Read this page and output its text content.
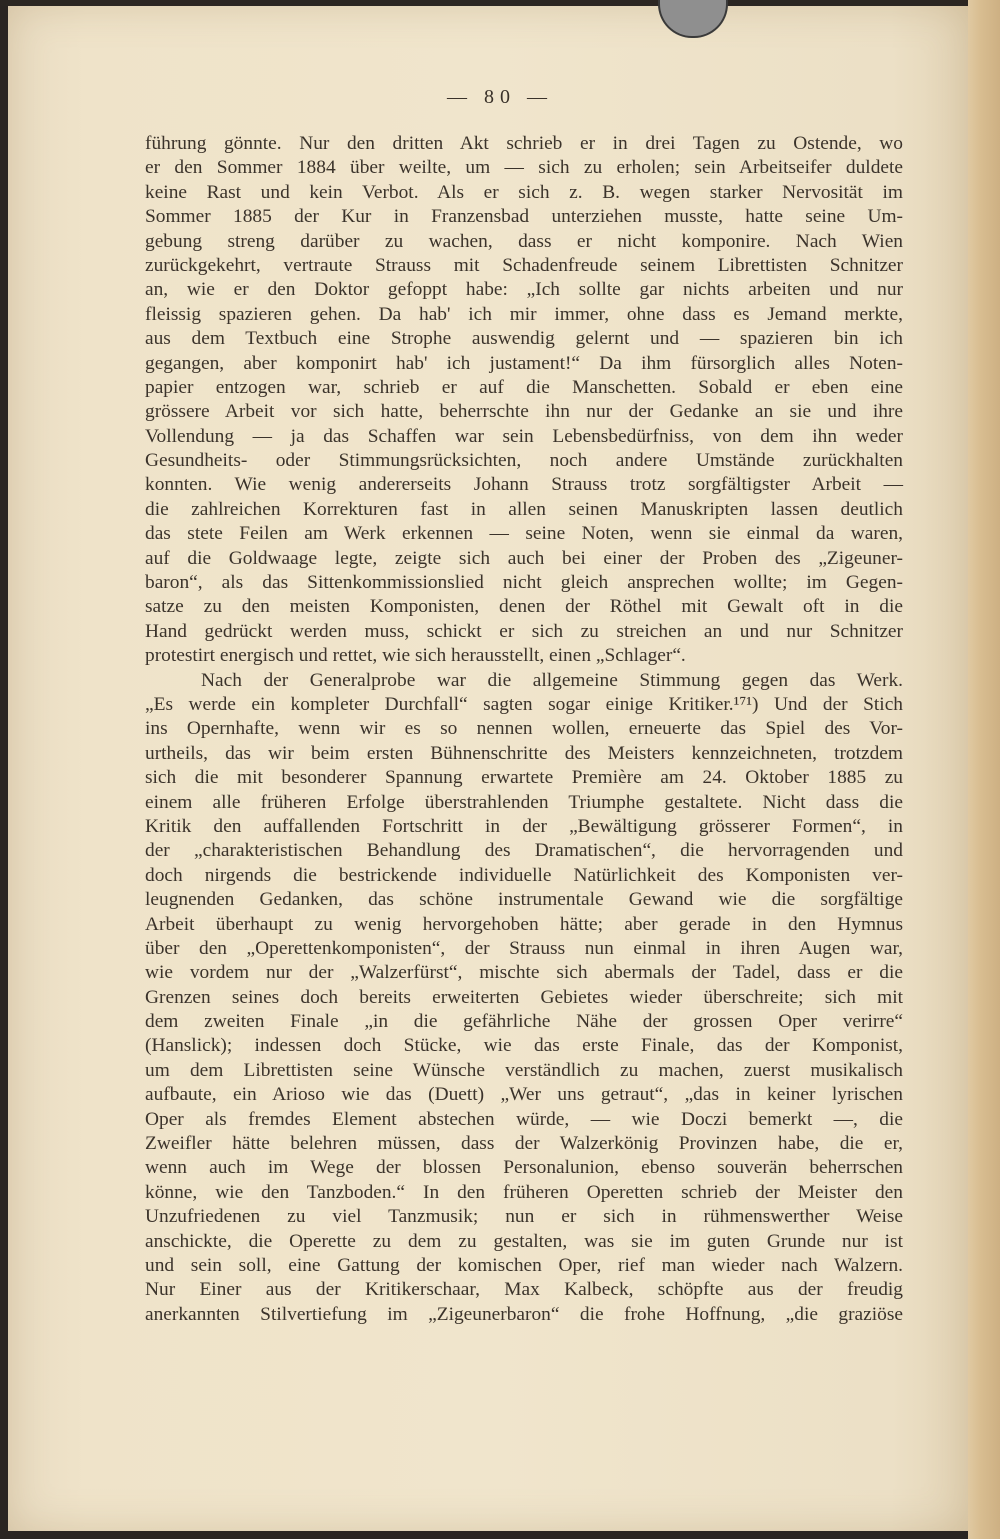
— 80 —
führung gönnte. Nur den dritten Akt schrieb er in drei Tagen zu Ostende, wo
er den Sommer 1884 über weilte, um — sich zu erholen; sein Arbeitseifer duldete
keine Rast und kein Verbot. Als er sich z. B. wegen starker Nervosität im
Sommer 1885 der Kur in Franzensbad unterziehen musste, hatte seine Um-
gebung streng darüber zu wachen, dass er nicht komponire. Nach Wien
zurückgekehrt, vertraute Strauss mit Schadenfreude seinem Librettisten Schnitzer
an, wie er den Doktor gefoppt habe: „Ich sollte gar nichts arbeiten und nur
fleissig spazieren gehen. Da hab' ich mir immer, ohne dass es Jemand merkte,
aus dem Textbuch eine Strophe auswendig gelernt und — spazieren bin ich
gegangen, aber komponirt hab' ich justament!“ Da ihm fürsorglich alles Noten-
papier entzogen war, schrieb er auf die Manschetten. Sobald er eben eine
grössere Arbeit vor sich hatte, beherrschte ihn nur der Gedanke an sie und ihre
Vollendung — ja das Schaffen war sein Lebensbedürfniss, von dem ihn weder
Gesundheits- oder Stimmungsrücksichten, noch andere Umstände zurückhalten
konnten. Wie wenig andererseits Johann Strauss trotz sorgfältigster Arbeit —
die zahlreichen Korrekturen fast in allen seinen Manuskripten lassen deutlich
das stete Feilen am Werk erkennen — seine Noten, wenn sie einmal da waren,
auf die Goldwaage legte, zeigte sich auch bei einer der Proben des „Zigeuner-
baron“, als das Sittenkommissionslied nicht gleich ansprechen wollte; im Gegen-
satze zu den meisten Komponisten, denen der Röthel mit Gewalt oft in die
Hand gedrückt werden muss, schickt er sich zu streichen an und nur Schnitzer
protestirt energisch und rettet, wie sich herausstellt, einen „Schlager“.
Nach der Generalprobe war die allgemeine Stimmung gegen das Werk.
„Es werde ein kompleter Durchfall“ sagten sogar einige Kritiker.¹⁷¹) Und der Stich
ins Opernhafte, wenn wir es so nennen wollen, erneuerte das Spiel des Vor-
urtheils, das wir beim ersten Bühnenschritte des Meisters kennzeichneten, trotzdem
sich die mit besonderer Spannung erwartete Première am 24. Oktober 1885 zu
einem alle früheren Erfolge überstrahlenden Triumphe gestaltete. Nicht dass die
Kritik den auffallenden Fortschritt in der „Bewältigung grösserer Formen“, in
der „charakteristischen Behandlung des Dramatischen“, die hervorragenden und
doch nirgends die bestrickende individuelle Natürlichkeit des Komponisten ver-
leugnenden Gedanken, das schöne instrumentale Gewand wie die sorgfältige
Arbeit überhaupt zu wenig hervorgehoben hätte; aber gerade in den Hymnus
über den „Operettenkomponisten“, der Strauss nun einmal in ihren Augen war,
wie vordem nur der „Walzerfürst“, mischte sich abermals der Tadel, dass er die
Grenzen seines doch bereits erweiterten Gebietes wieder überschreite; sich mit
dem zweiten Finale „in die gefährliche Nähe der grossen Oper verirre“
(Hanslick); indessen doch Stücke, wie das erste Finale, das der Komponist,
um dem Librettisten seine Wünsche verständlich zu machen, zuerst musikalisch
aufbaute, ein Arioso wie das (Duett) „Wer uns getraut“, „das in keiner lyrischen
Oper als fremdes Element abstechen würde, — wie Doczi bemerkt —, die
Zweifler hätte belehren müssen, dass der Walzerkönig Provinzen habe, die er,
wenn auch im Wege der blossen Personalunion, ebenso souverän beherrschen
könne, wie den Tanzboden.“ In den früheren Operetten schrieb der Meister den
Unzufriedenen zu viel Tanzmusik; nun er sich in rühmenswerther Weise
anschickte, die Operette zu dem zu gestalten, was sie im guten Grunde nur ist
und sein soll, eine Gattung der komischen Oper, rief man wieder nach Walzern.
Nur Einer aus der Kritikerschaar, Max Kalbeck, schöpfte aus der freudig
anerkannten Stilvertiefung im „Zigeunerbaron“ die frohe Hoffnung, „die graziöse
